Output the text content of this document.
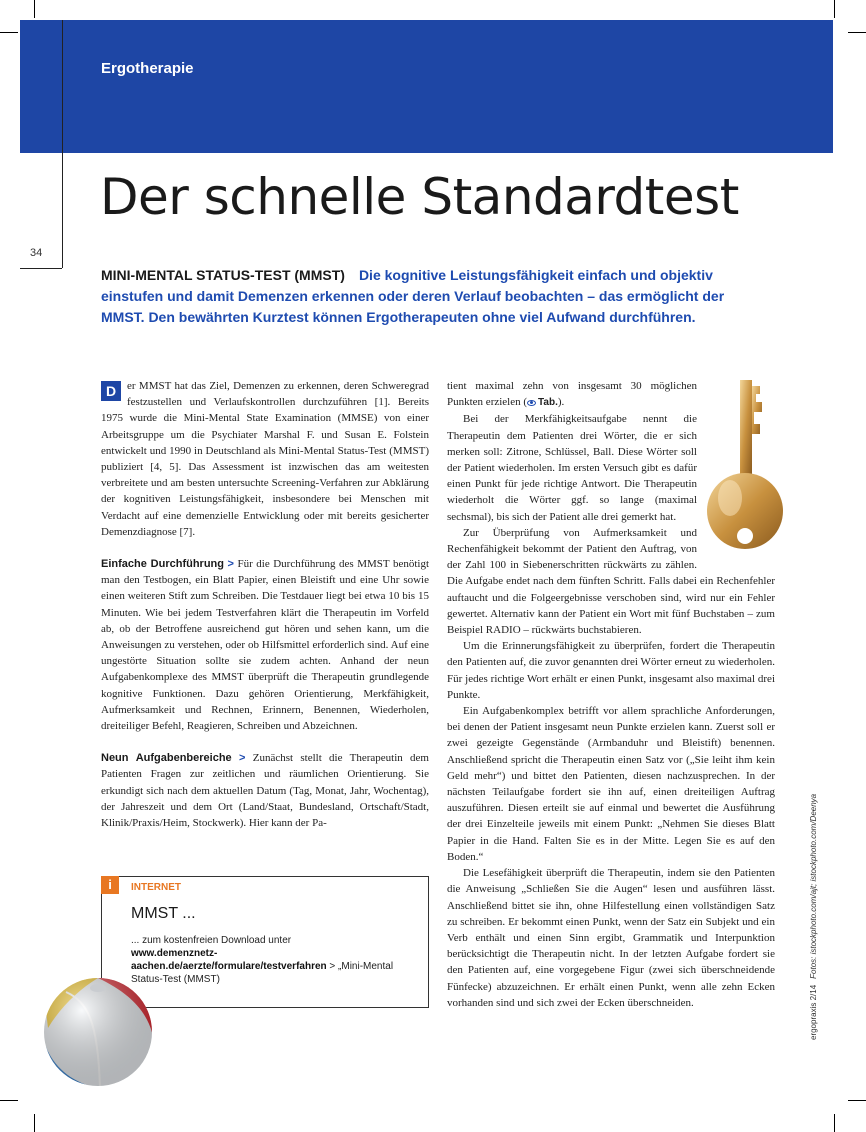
Ergotherapie
34
Der schnelle Standardtest
MINI-MENTAL STATUS-TEST (MMST) Die kognitive Leistungsfähigkeit einfach und objektiv einstufen und damit Demenzen erkennen oder deren Verlauf beobachten – das ermöglicht der MMST. Den bewährten Kurztest können Ergotherapeuten ohne viel Aufwand durchführen.

D er MMST hat das Ziel, Demenzen zu erkennen, deren Schweregrad festzustellen und Verlaufskontrollen durchzuführen [1]. Bereits 1975 wurde die Mini-Mental State Examination (MMSE) von einer Arbeitsgruppe um die Psychiater Marshal F. und Susan E. Folstein entwickelt und 1990 in Deutschland als Mini-Mental Status-Test (MMST) publiziert [4, 5]. Das Assessment ist inzwischen das am weitesten verbreitete und am besten untersuchte Screening-Verfahren zur Abklärung der kognitiven Leistungsfähigkeit, insbesondere bei Menschen mit Verdacht auf eine demenzielle Entwicklung oder mit bereits gesicherter Demenzdiagnose [7].

Einfache Durchführung > Für die Durchführung des MMST benötigt man den Testbogen, ein Blatt Papier, einen Bleistift und eine Uhr sowie einen weiteren Stift zum Schreiben. Die Testdauer liegt bei etwa 10 bis 15 Minuten. Wie bei jedem Testverfahren klärt die Therapeutin im Vorfeld ab, ob der Betroffene ausreichend gut hören und sehen kann, um die Anweisungen zu verstehen, oder ob Hilfsmittel erforderlich sind. Auf eine ungestörte Situation sollte sie zudem achten. Anhand der neun Aufgabenkomplexe des MMST überprüft die Therapeutin grundlegende kognitive Funktionen. Dazu gehören Orientierung, Merkfähigkeit, Aufmerksamkeit und Rechnen, Erinnern, Benennen, Wiederholen, dreiteiliger Befehl, Reagieren, Schreiben und Abzeichnen.

Neun Aufgabenbereiche > Zunächst stellt die Therapeutin dem Patienten Fragen zur zeitlichen und räumlichen Orientierung. Sie erkundigt sich nach dem aktuellen Datum (Tag, Monat, Jahr, Wochentag), der Jahreszeit und dem Ort (Land/Staat, Bundesland, Ortschaft/Stadt, Klinik/Praxis/Heim, Stockwerk). Hier kann der Pa-

tient maximal zehn von insgesamt 30 möglichen Punkten erzielen ( Tab.).

Bei der Merkfähigkeitsaufgabe nennt die Therapeutin dem Patienten drei Wörter, die er sich merken soll: Zitrone, Schlüssel, Ball. Diese Wörter soll der Patient wiederholen. Im ersten Versuch gibt es dafür einen Punkt für jede richtige Antwort. Die Therapeutin wiederholt die Wörter ggf. so lange (maximal sechsmal), bis sich der Patient alle drei gemerkt hat.

Zur Überprüfung von Aufmerksamkeit und Rechenfähigkeit bekommt der Patient den Auftrag, von der Zahl 100 in Siebenerschritten rückwärts zu zählen. Die Aufgabe endet nach dem fünften Schritt. Falls dabei ein Rechenfehler auftaucht und die Folgeergebnisse verschoben sind, wird nur ein Fehler gewertet. Alternativ kann der Patient ein Wort mit fünf Buchstaben – zum Beispiel RADIO – rückwärts buchstabieren.

Um die Erinnerungsfähigkeit zu überprüfen, fordert die Therapeutin den Patienten auf, die zuvor genannten drei Wörter erneut zu wiederholen. Für jedes richtige Wort erhält er einen Punkt, insgesamt also maximal drei Punkte.

Ein Aufgabenkomplex betrifft vor allem sprachliche Anforderungen, bei denen der Patient insgesamt neun Punkte erzielen kann. Zuerst soll er zwei gezeigte Gegenstände (Armbanduhr und Bleistift) benennen. Anschließend spricht die Therapeutin einen Satz vor („Sie leiht ihm kein Geld mehr“) und bittet den Patienten, diesen nachzusprechen. In der nächsten Teilaufgabe fordert sie ihn auf, einen dreiteiligen Auftrag auszuführen. Diesen erteilt sie auf einmal und bewertet die Ausführung der drei Einzelteile jeweils mit einem Punkt: „Nehmen Sie dieses Blatt Papier in die Hand. Falten Sie es in der Mitte. Legen Sie es auf den Boden.“

Die Lesefähigkeit überprüft die Therapeutin, indem sie den Patienten die Anweisung „Schließen Sie die Augen“ lesen und ausführen lässt. Anschließend bittet sie ihn, ohne Hilfestellung einen vollständigen Satz zu schreiben. Er bekommt einen Punkt, wenn der Satz ein Subjekt und ein Verb enthält und einen Sinn ergibt, Grammatik und Interpunktion berücksichtigt die Therapeutin nicht. In der letzten Aufgabe fordert sie den Patienten auf, eine vorgegebene Figur (zwei sich überschneidende Fünfecke) abzuzeichnen. Er erhält einen Punkt, wenn alle zehn Ecken vorhanden sind und sich zwei der Ecken überschneiden.

i	INTERNET
MMST ...
... zum kostenfreien Download unter
www.demenznetz-aachen.de/aerzte/formulare/testverfahren > „Mini-Mental Status-Test (MMST)
ergopraxis 2/14Fotos: istockphoto.com/ajt; istockphoto.com/Deenya
